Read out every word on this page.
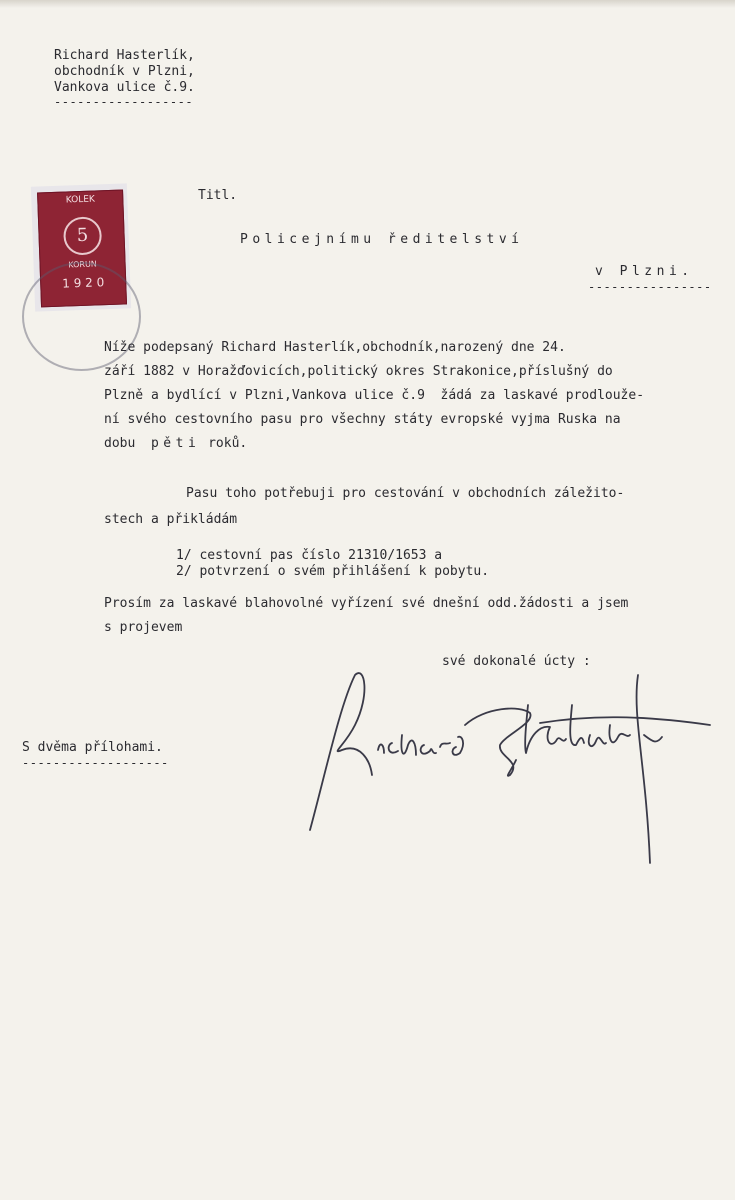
Richard Hasterlík,
obchodník v Plzni,
Vankova ulice č.9.
------------------
KOLEK
5
KORUN
1 9 2 0
Titl.
Policejnímu ředitelství
v Plzni.
----------------
Níže podepsaný Richard Hasterlík,obchodník,narozený dne 24.
září 1882 v Horažďovicích,politický okres Strakonice,příslušný do
Plzně a bydlící v Plzni,Vankova ulice č.9  žádá za laskavé prodlouže-
ní svého cestovního pasu pro všechny státy evropské vyjma Ruska na
dobu pěti roků.
Pasu toho potřebuji pro cestování v obchodních záležito-
stech a přikládám
1/ cestovní pas číslo 21310/1653 a
2/ potvrzení o svém přihlášení k pobytu.
Prosím za laskavé blahovolné vyřízení své dnešní odd.žádosti a jsem
s projevem
své dokonalé úcty :
S dvěma přílohami.
-------------------
